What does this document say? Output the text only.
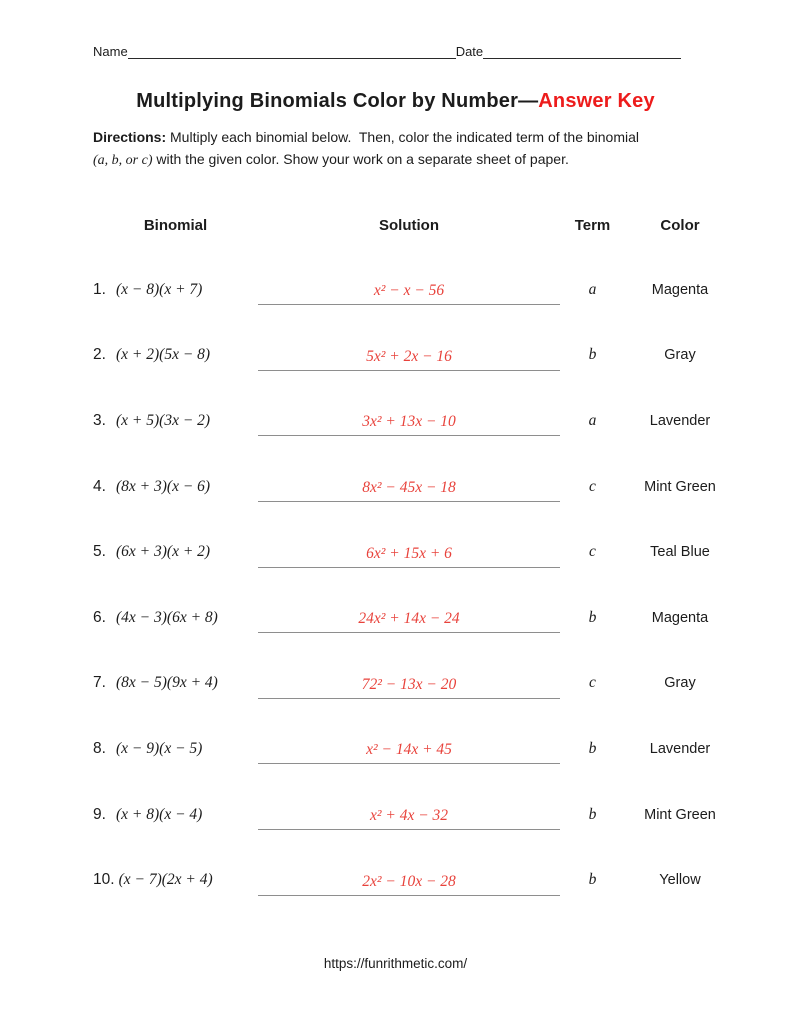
Name	Date
Multiplying Binomials Color by Number—Answer Key
Directions: Multiply each binomial below.  Then, color the indicated term of the binomial
(a, b, or c) with the given color. Show your work on a separate sheet of paper.
Binomial	Solution	Term	Color
1. (x − 8)(x + 7)	x² − x − 56	a	Magenta
2. (x + 2)(5x − 8)	5x² + 2x − 16	b	Gray
3. (x + 5)(3x − 2)	3x² + 13x − 10	a	Lavender
4. (8x + 3)(x − 6)	8x² − 45x − 18	c	Mint Green
5. (6x + 3)(x + 2)	6x² + 15x + 6	c	Teal Blue
6. (4x − 3)(6x + 8)	24x² + 14x − 24	b	Magenta
7. (8x − 5)(9x + 4)	72² − 13x − 20	c	Gray
8. (x − 9)(x − 5)	x² − 14x + 45	b	Lavender
9. (x + 8)(x − 4)	x² + 4x − 32	b	Mint Green
10. (x − 7)(2x + 4)	2x² − 10x − 28	b	Yellow
https://funrithmetic.com/
